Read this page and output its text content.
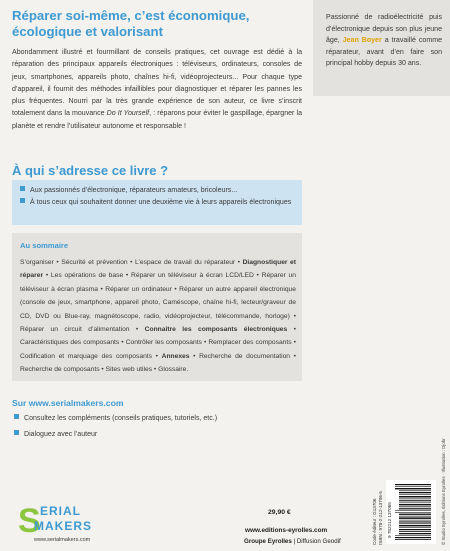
Réparer soi-même, c’est économique,
écologique et valorisant

Abondamment illustré et fourmillant de conseils pratiques, cet ouvrage est dédié à la réparation des principaux appareils électroniques : téléviseurs, ordinateurs, consoles de jeux, smartphones, appareils photo, chaînes hi-fi, vidéoprojecteurs... Pour chaque type d’appareil, il fournit des méthodes infaillibles pour diagnostiquer et réparer les pannes les plus fréquentes. Nourri par la très grande expérience de son auteur, ce livre s’inscrit totalement dans la mouvance Do It Yourself, : réparons pour éviter le gaspillage, épargner la planète et rendre l’utilisateur autonome et responsable !

À qui s’adresse ce livre ?
Aux passionnés d’électronique, réparateurs amateurs, bricoleurs...
À tous ceux qui souhaitent donner une deuxième vie à leurs appareils électroniques
Au sommaire
S’organiser • Sécurité et prévention • L’espace de travail du réparateur • Diagnostiquer et réparer • Les opérations de base • Réparer un téléviseur à écran LCD/LED • Réparer un téléviseur à écran plasma • Réparer un ordinateur • Réparer un autre appareil électronique (console de jeux, smartphone, appareil photo, Caméscope, chaîne hi-fi, lecteur/graveur de CD, DVD ou Blue-ray, magnétoscope, radio, vidéoprojecteur, télécommande, horloge) • Réparer un circuit d’alimentation • Connaître les composants électroniques • Caractéristiques des composants • Contrôler les composants • Remplacer des composants • Codification et marquage des composants • Annexes • Recherche de documentation • Recherche de composants • Sites web utiles • Glossaire.
Sur www.serialmakers.com
Consultez les compléments (conseils pratiques, tutoriels, etc.)
Dialoguez avec l’auteur
Passionné de radioélectricité puis d’électronique depuis son plus jeune âge, Jean Boyer a travaillé comme réparateur, avant d’en faire son principal hobby depuis 30 ans.
S ERIAL
MAKERS
www.serialmakers.com
29,90 €
www.editions-eyrolles.com
Groupe Eyrolles | Diffusion Geodif	Code éditeur : G13706 ISBN : 978-2-212-13706-5 9 782212 137065	© Studio Eyrolles, Éditions Eyrolles · Illustration : Djohr
